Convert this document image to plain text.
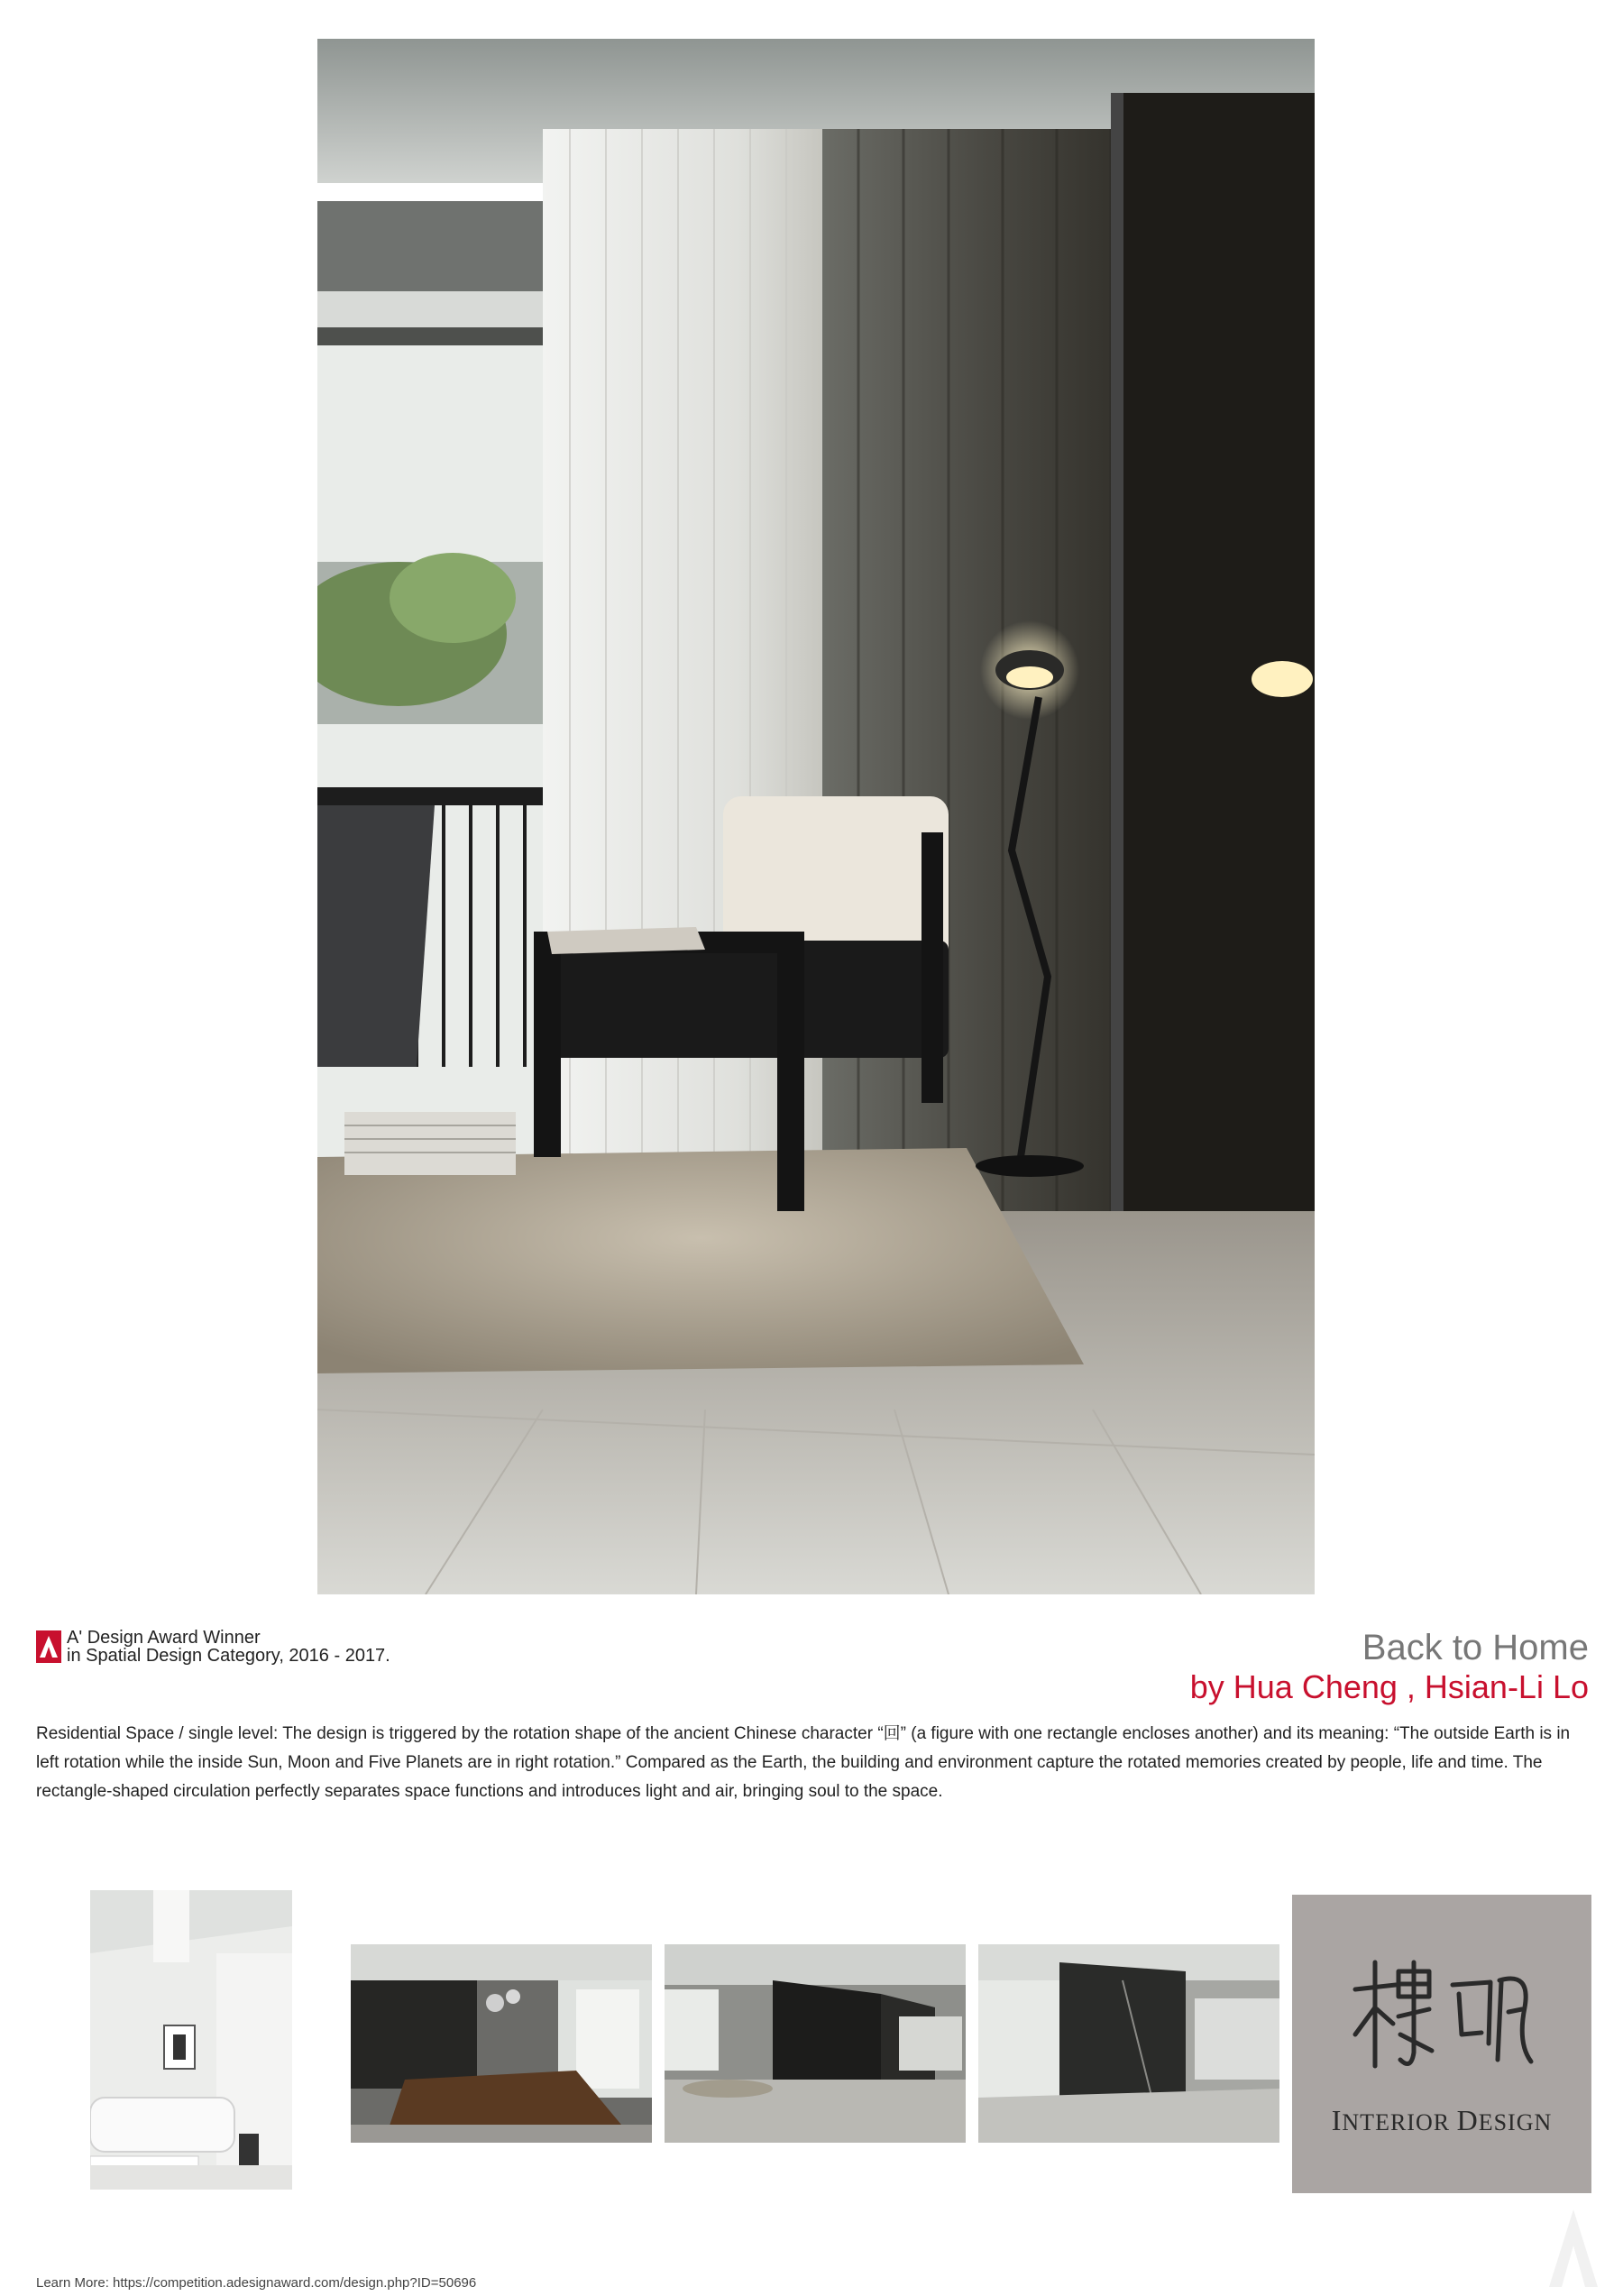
A' Design Award Winner
in Spatial Design Category, 2016 - 2017.	Back to Home
by Hua Cheng , Hsian-Li Lo
Residential Space / single level: The design is triggered by the rotation shape of the ancient Chinese character “回” (a figure with one rectangle encloses another) and its meaning: “The outside Earth is in left rotation while the inside Sun, Moon and Five Planets are in right rotation.” Compared as the Earth, the building and environment capture the rotated memories created by people, life and time. The rectangle-shaped circulation perfectly separates space functions and introduces light and air, bringing soul to the space.
INTERIOR DESIGN
Learn More: https://competition.adesignaward.com/design.php?ID=50696
